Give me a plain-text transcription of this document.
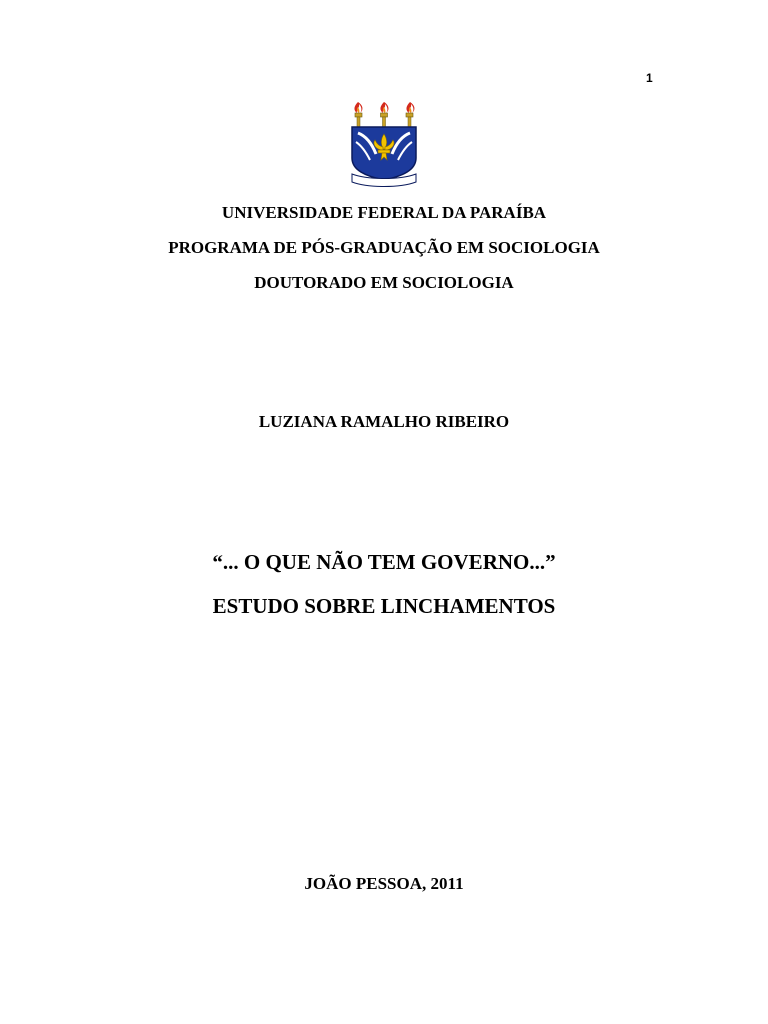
1
UNIVERSIDADE FEDERAL DA PARAÍBA
PROGRAMA DE PÓS-GRADUAÇÃO EM SOCIOLOGIA
DOUTORADO EM SOCIOLOGIA
LUZIANA RAMALHO RIBEIRO
“... O QUE NÃO TEM GOVERNO...”
ESTUDO SOBRE LINCHAMENTOS
JOÃO PESSOA, 2011
